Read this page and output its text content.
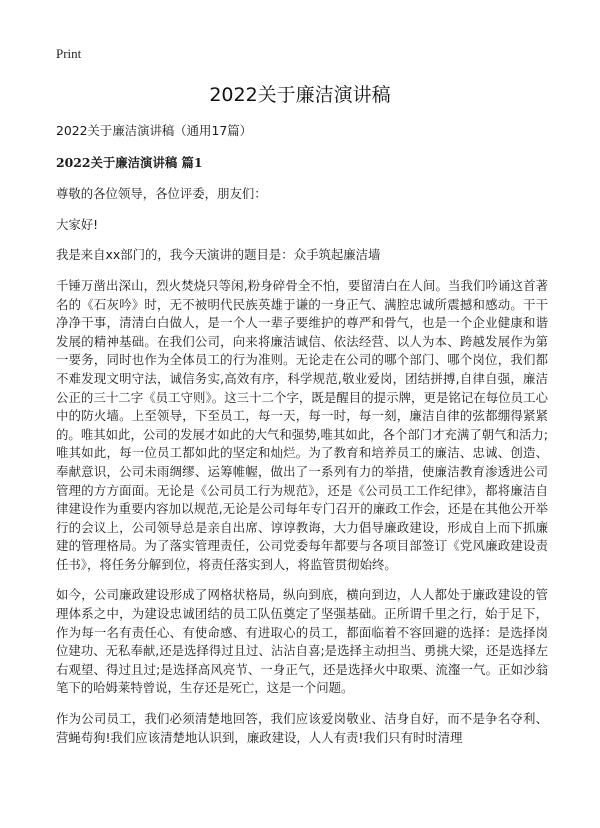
Print
2022关于廉洁演讲稿

2022关于廉洁演讲稿（通用17篇）

2022关于廉洁演讲稿 篇1

尊敬的各位领导，各位评委，朋友们：

大家好!

我是来自xx部门的，我今天演讲的题目是：众手筑起廉洁墙

千锤万凿出深山，烈火焚烧只等闲,粉身碎骨全不怕，要留清白在人间。当我们吟诵这首著名的《石灰吟》时，无不被明代民族英雄于谦的一身正气、满腔忠诚所震撼和感动。干干净净干事，清清白白做人，是一个人一辈子要维护的尊严和骨气，也是一个企业健康和谐发展的精神基础。在我们公司，向来将廉洁诚信、依法经营、以人为本、跨越发展作为第一要务，同时也作为全体员工的行为准则。无论走在公司的哪个部门、哪个岗位，我们都不难发现文明守法，诚信务实,高效有序，科学规范,敬业爱岗，团结拼搏,自律自强，廉洁公正的三十二字《员工守则》。这三十二个字，既是醒目的提示牌，更是铭记在每位员工心中的防火墙。上至领导，下至员工，每一天，每一时，每一刻，廉洁自律的弦都绷得紧紧的。唯其如此，公司的发展才如此的大气和强势,唯其如此，各个部门才充满了朝气和活力;唯其如此，每一位员工都如此的坚定和灿烂。为了教育和培养员工的廉洁、忠诚、创造、奉献意识，公司未雨绸缪、运筹帷幄，做出了一系列有力的举措，使廉洁教育渗透进公司管理的方方面面。无论是《公司员工行为规范》，还是《公司员工工作纪律》，都将廉洁自律建设作为重要内容加以规范,无论是公司每年专门召开的廉政工作会，还是在其他公开举行的会议上，公司领导总是亲自出席、谆谆教诲，大力倡导廉政建设，形成自上而下抓廉建的管理格局。为了落实管理责任，公司党委每年都要与各项目部签订《党风廉政建设责任书》，将任务分解到位，将责任落实到人，将监管贯彻始终。

如今，公司廉政建设形成了网格状格局，纵向到底，横向到边，人人都处于廉政建设的管理体系之中，为建设忠诚团结的员工队伍奠定了坚强基础。正所谓千里之行，始于足下，作为每一名有责任心、有使命感、有进取心的员工，都面临着不容回避的选择：是选择岗位建功、无私奉献,还是选择得过且过、沾沾自喜;是选择主动担当、勇挑大梁，还是选择左右观望、得过且过;是选择高风亮节、一身正气，还是选择火中取栗、流瀣一气。正如沙翁笔下的哈姆莱特曾说，生存还是死亡，这是一个问题。

作为公司员工，我们必须清楚地回答，我们应该爱岗敬业、洁身自好，而不是争名夺利、营蝇苟狗!我们应该清楚地认识到，廉政建设，人人有责!我们只有时时清理
